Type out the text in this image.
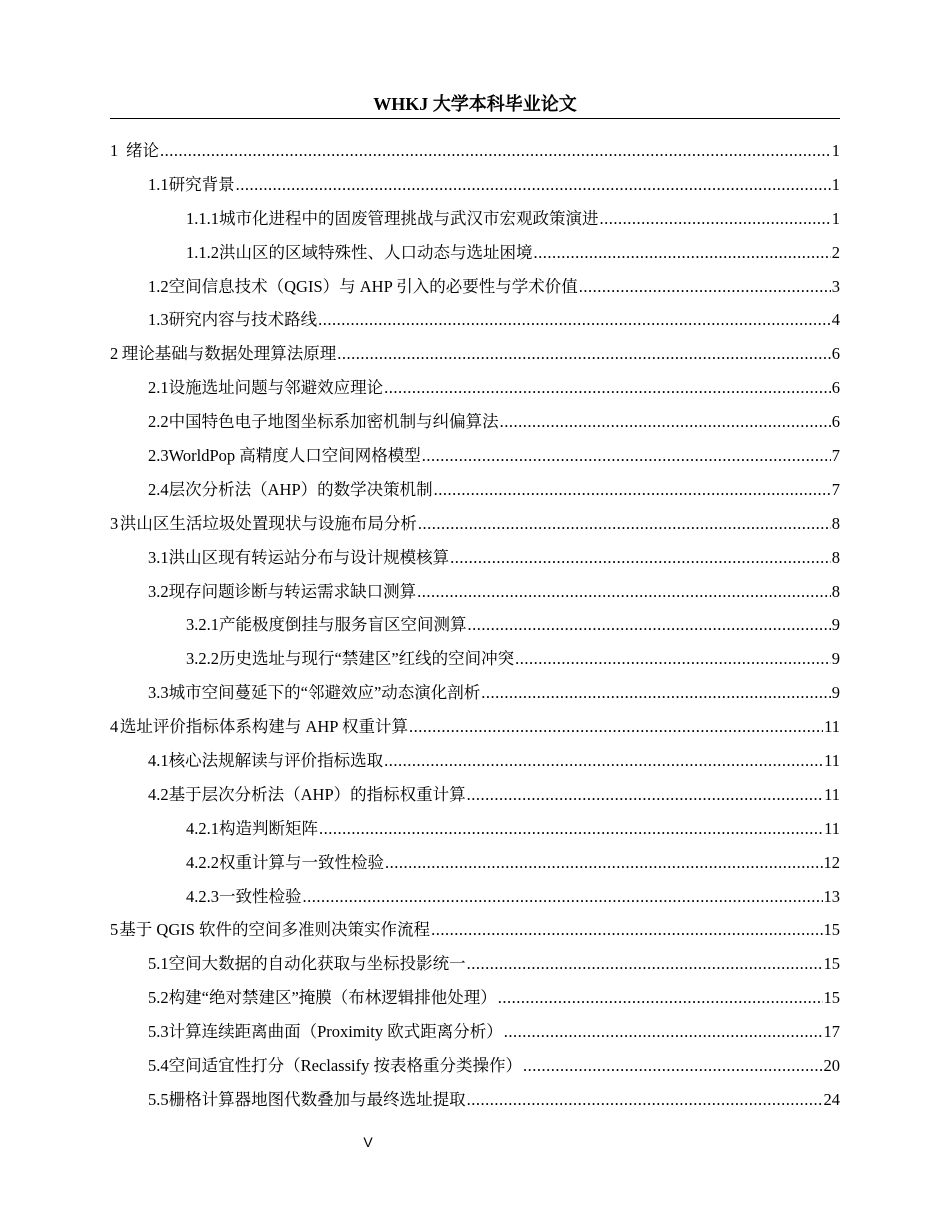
WHKJ 大学本科毕业论文
1 绪论 .....	1
1.1 研究背景 .....	1
1.1.1 城市化进程中的固废管理挑战与武汉市宏观政策演进 .....	1
1.1.2 洪山区的区域特殊性、人口动态与选址困境 .....	2
1.2 空间信息技术（QGIS）与 AHP 引入的必要性与学术价值 .....	3
1.3 研究内容与技术路线 .....	4
2 理论基础与数据处理算法原理 .....	6
2.1 设施选址问题与邻避效应理论 .....	6
2.2 中国特色电子地图坐标系加密机制与纠偏算法 .....	6
2.3 WorldPop 高精度人口空间网格模型 .....	7
2.4 层次分析法（AHP）的数学决策机制 .....	7
3 洪山区生活垃圾处置现状与设施布局分析 .....	8
3.1 洪山区现有转运站分布与设计规模核算 .....	8
3.2 现存问题诊断与转运需求缺口测算 .....	8
3.2.1 产能极度倒挂与服务盲区空间测算 .....	9
3.2.2 历史选址与现行“禁建区”红线的空间冲突 .....	9
3.3 城市空间蔓延下的“邻避效应”动态演化剖析 .....	9
4 选址评价指标体系构建与 AHP 权重计算 .....	11
4.1 核心法规解读与评价指标选取 .....	11
4.2 基于层次分析法（AHP）的指标权重计算 .....	11
4.2.1 构造判断矩阵 .....	11
4.2.2 权重计算与一致性检验 .....	12
4.2.3 一致性检验 .....	13
5 基于 QGIS 软件的空间多准则决策实作流程 .....	15
5.1 空间大数据的自动化获取与坐标投影统一 .....	15
5.2 构建“绝对禁建区”掩膜（布林逻辑排他处理） .....	15
5.3 计算连续距离曲面（Proximity 欧式距离分析） .....	17
5.4 空间适宜性打分（Reclassify 按表格重分类操作） .....	20
5.5 栅格计算器地图代数叠加与最终选址提取 .....	24
V
